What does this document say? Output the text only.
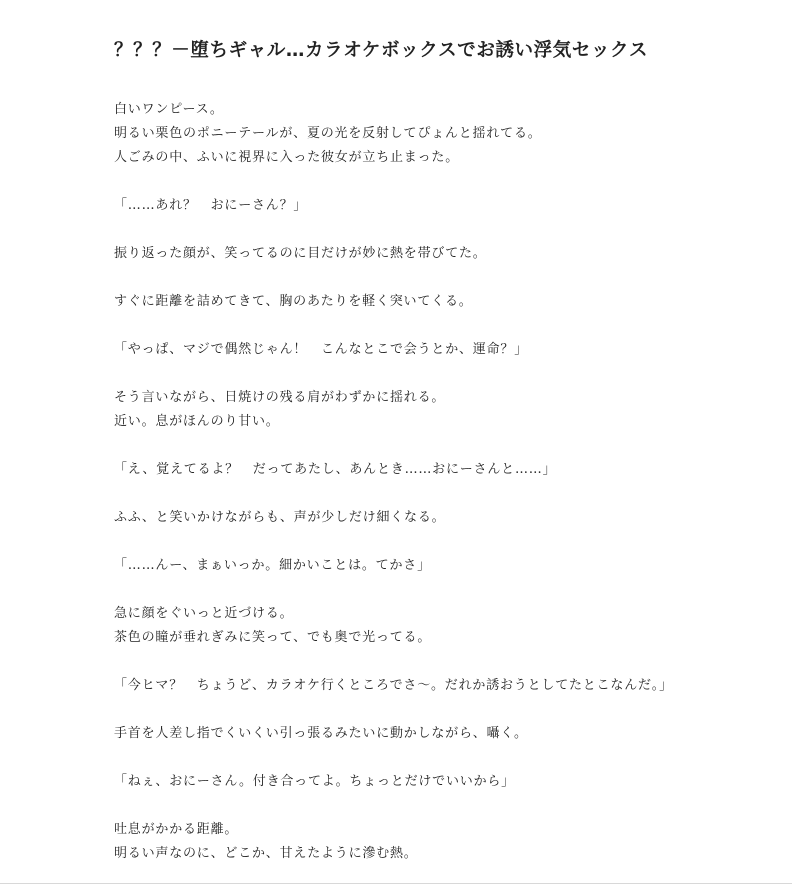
？？？－堕ちギャル…カラオケボックスでお誘い浮気セックス

白いワンピース。
明るい栗色のポニーテールが、夏の光を反射してぴょんと揺れてる。
人ごみの中、ふいに視界に入った彼女が立ち止まった。

「……あれ？　おにーさん？」

振り返った顔が、笑ってるのに目だけが妙に熱を帯びてた。

すぐに距離を詰めてきて、胸のあたりを軽く突いてくる。

「やっぱ、マジで偶然じゃん！　こんなとこで会うとか、運命？」

そう言いながら、日焼けの残る肩がわずかに揺れる。
近い。息がほんのり甘い。

「え、覚えてるよ？　だってあたし、あんとき……おにーさんと……」

ふふ、と笑いかけながらも、声が少しだけ細くなる。

「……んー、まぁいっか。細かいことは。てかさ」

急に顔をぐいっと近づける。
茶色の瞳が垂れぎみに笑って、でも奥で光ってる。

「今ヒマ？　ちょうど、カラオケ行くところでさ～。だれか誘おうとしてたとこなんだ。」

手首を人差し指でくいくい引っ張るみたいに動かしながら、囁く。

「ねぇ、おにーさん。付き合ってよ。ちょっとだけでいいから」

吐息がかかる距離。
明るい声なのに、どこか、甘えたように滲む熱。
